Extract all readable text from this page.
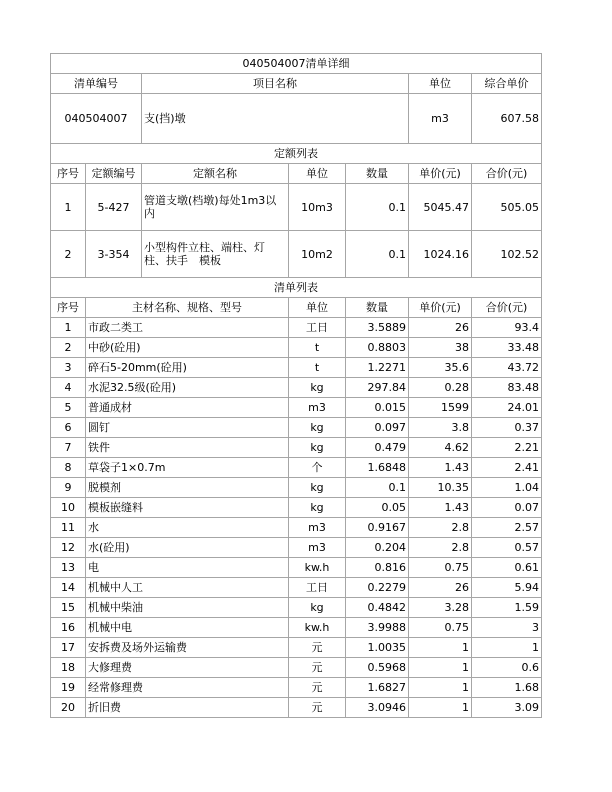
040504007清单详细						
清单编号		项目名称			单位	综合单价
040504007		支(挡)墩			m3	607.58
定额列表						
序号	定额编号	定额名称	单位	数量	单价(元)	合价(元)
1	5-427	管道支墩(档墩)每处1m3以内	10m3	0.1	5045.47	505.05
2	3-354	小型构件立柱、端柱、灯柱、扶手　模板	10m2	0.1	1024.16	102.52
清单列表						
序号	主材名称、规格、型号		单位	数量	单价(元)	合价(元)
1	市政二类工		工日	3.5889	26	93.4
2	中砂(砼用)		t	0.8803	38	33.48
3	碎石5-20mm(砼用)		t	1.2271	35.6	43.72
4	水泥32.5级(砼用)		kg	297.84	0.28	83.48
5	普通成材		m3	0.015	1599	24.01
6	圆钉		kg	0.097	3.8	0.37
7	铁件		kg	0.479	4.62	2.21
8	草袋子1×0.7m		个	1.6848	1.43	2.41
9	脱模剂		kg	0.1	10.35	1.04
10	模板嵌缝料		kg	0.05	1.43	0.07
11	水		m3	0.9167	2.8	2.57
12	水(砼用)		m3	0.204	2.8	0.57
13	电		kw.h	0.816	0.75	0.61
14	机械中人工		工日	0.2279	26	5.94
15	机械中柴油		kg	0.4842	3.28	1.59
16	机械中电		kw.h	3.9988	0.75	3
17	安拆费及场外运输费		元	1.0035	1	1
18	大修理费		元	0.5968	1	0.6
19	经常修理费		元	1.6827	1	1.68
20	折旧费		元	3.0946	1	3.09
